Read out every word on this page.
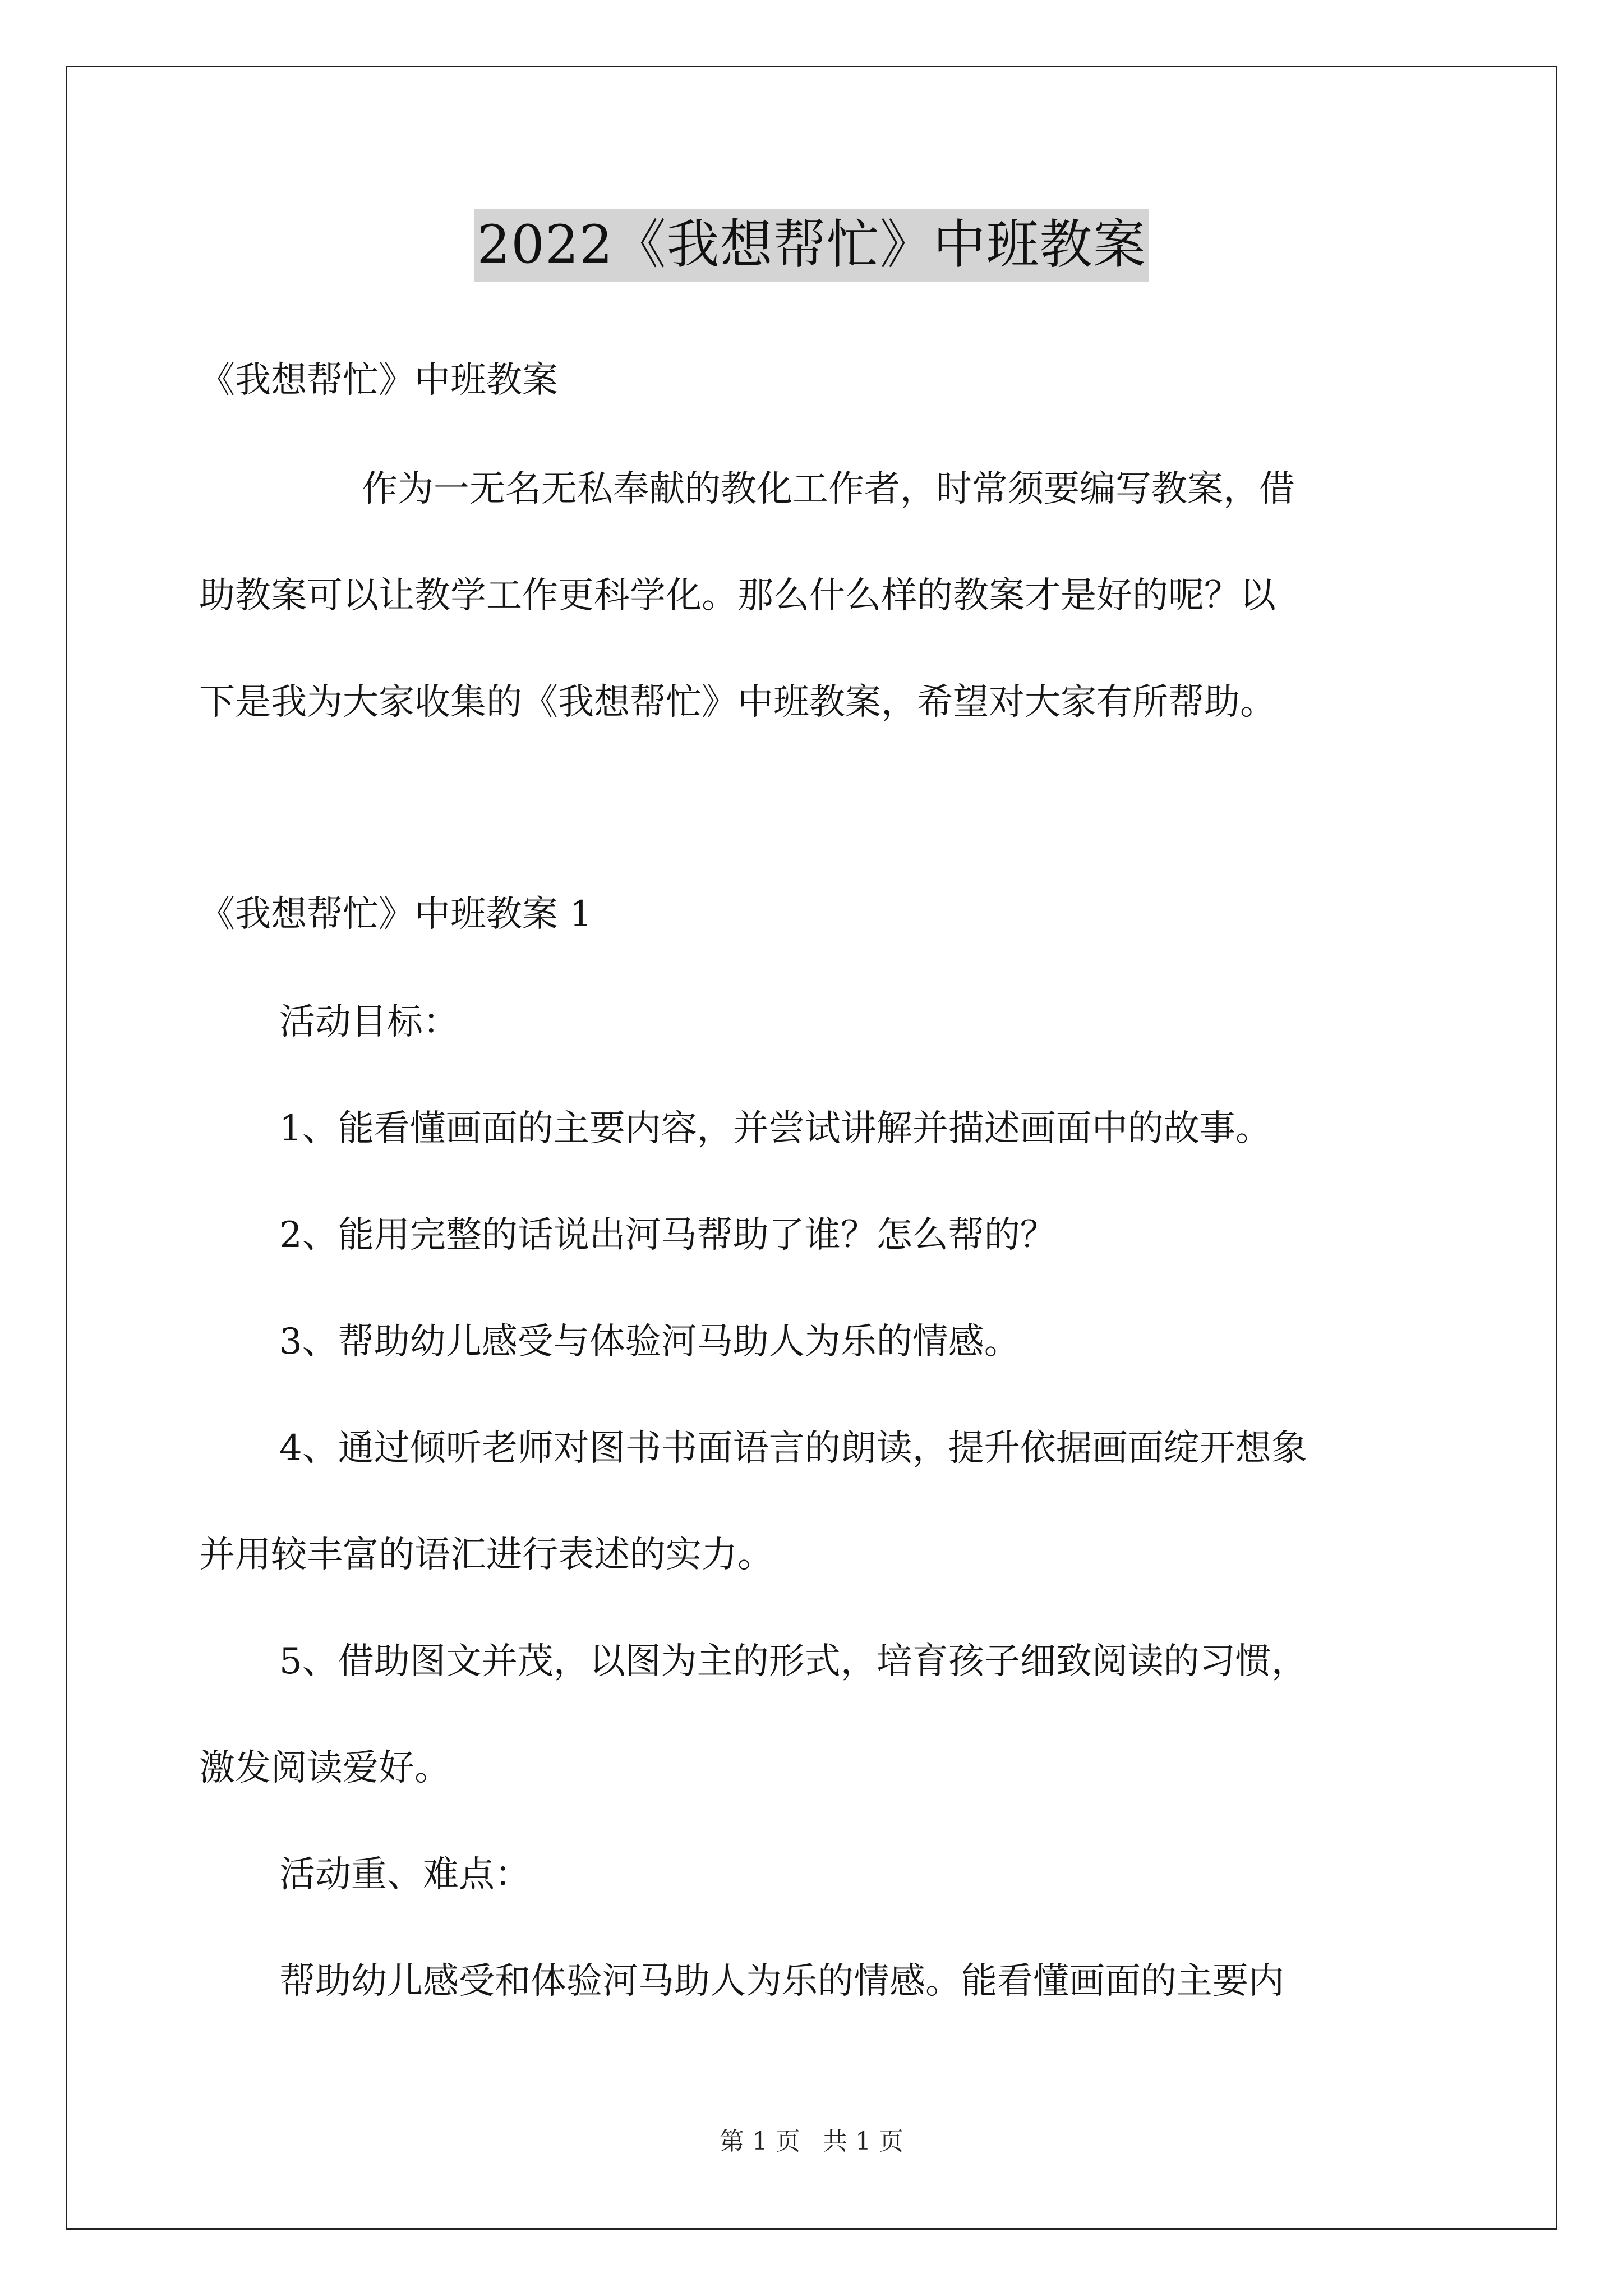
2022《我想帮忙》中班教案
《我想帮忙》中班教案
作为一无名无私奉献的教化工作者，时常须要编写教案，借
助教案可以让教学工作更科学化。那么什么样的教案才是好的呢？以
下是我为大家收集的《我想帮忙》中班教案，希望对大家有所帮助。
《我想帮忙》中班教案 1
活动目标：
1、能看懂画面的主要内容，并尝试讲解并描述画面中的故事。
2、能用完整的话说出河马帮助了谁？怎么帮的？
3、帮助幼儿感受与体验河马助人为乐的情感。
4、通过倾听老师对图书书面语言的朗读，提升依据画面绽开想象
并用较丰富的语汇进行表述的实力。
5、借助图文并茂，以图为主的形式，培育孩子细致阅读的习惯，
激发阅读爱好。
活动重、难点：
帮助幼儿感受和体验河马助人为乐的情感。能看懂画面的主要内
第 1 页 共 1 页
